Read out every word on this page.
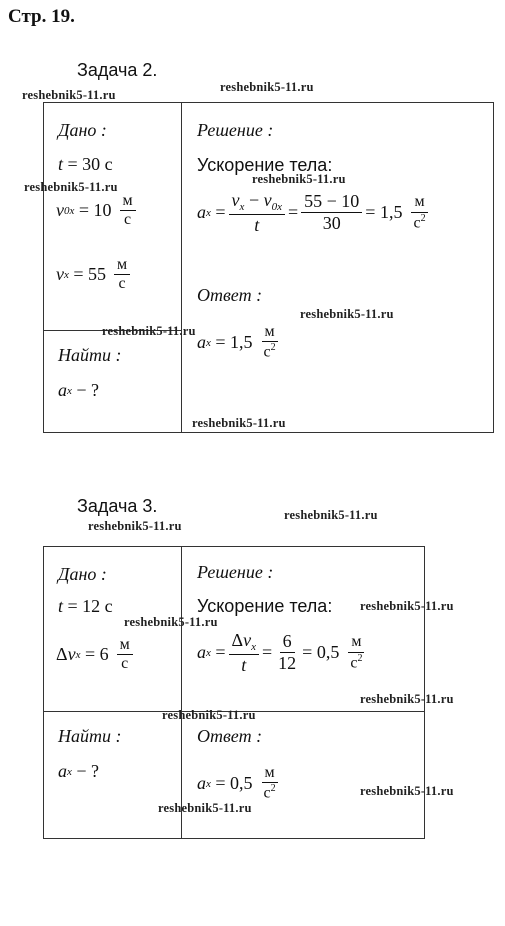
Стр. 19.
Задача 2.
Дано :
t = 30
с
v $0x = 10 \frac{м}{с}$
v $x = 55 \frac{м}{с}$
Найти :
a x
− ?
Решение :
Ускорение тела:
a $x = \frac{v_x - v_{0x}}{t} = \frac{55 - 10}{30} = 1,5 \frac{м}{с^2}$
Ответ :
a $x = 1,5 \frac{м}{с^2}$
Задача 3.
Дано :
t = 12
с
Δ v $x = 6 \frac{м}{с}$
Найти :
a x
− ?
Решение :
Ускорение тела:
a $x = \frac{\Delta v_x}{t} = \frac{6}{12} = 0,5 \frac{м}{с^2}$
Ответ :
a $x = 0,5 \frac{м}{с^2}$
reshebnik5-11.ru
reshebnik5-11.ru
reshebnik5-11.ru
reshebnik5-11.ru
reshebnik5-11.ru
reshebnik5-11.ru
reshebnik5-11.ru
reshebnik5-11.ru
reshebnik5-11.ru
reshebnik5-11.ru
reshebnik5-11.ru
reshebnik5-11.ru
reshebnik5-11.ru
reshebnik5-11.ru
reshebnik5-11.ru
